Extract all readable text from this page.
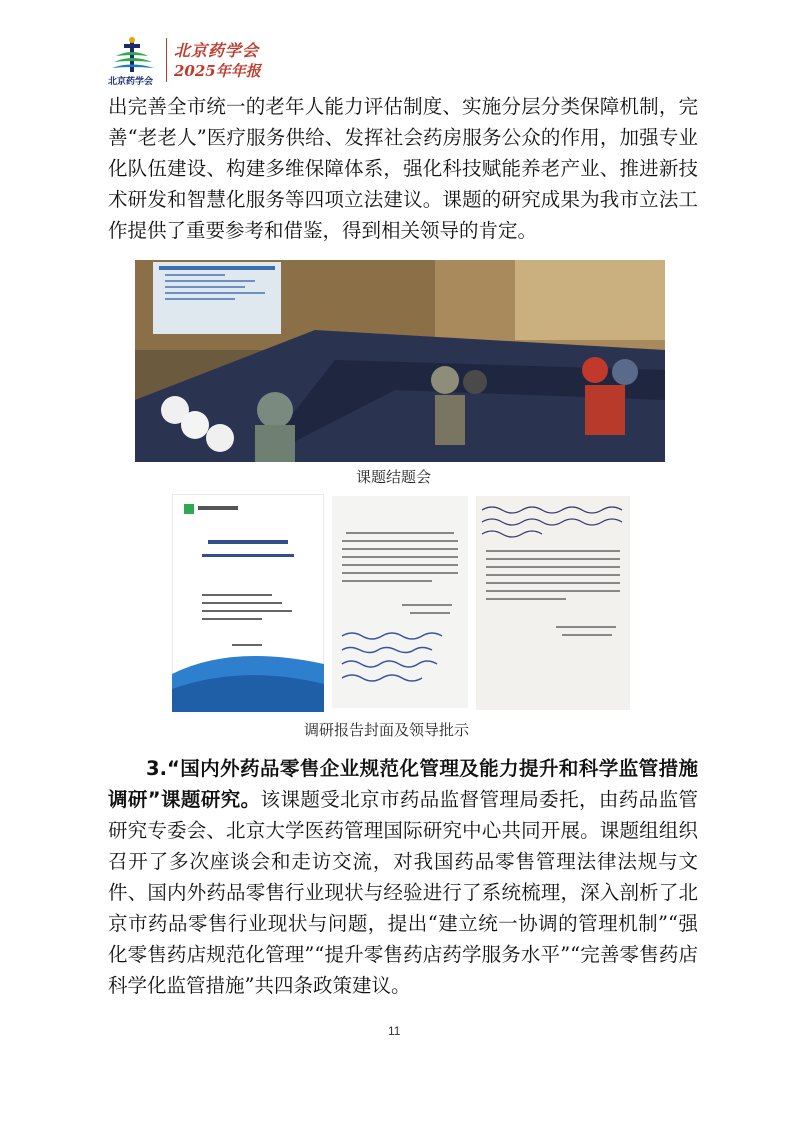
北京药学会
北京药学会
2025年年报

出完善全市统一的老年人能力评估制度、实施分层分类保障机制，完善“老老人”医疗服务供给、发挥社会药房服务公众的作用，加强专业化队伍建设、构建多维保障体系，强化科技赋能养老产业、推进新技术研发和智慧化服务等四项立法建议。课题的研究成果为我市立法工作提供了重要参考和借鉴，得到相关领导的肯定。

课题结题会
调研报告封面及领导批示

3.“国内外药品零售企业规范化管理及能力提升和科学监管措施调研”课题研究。该课题受北京市药品监督管理局委托，由药品监管研究专委会、北京大学医药管理国际研究中心共同开展。课题组组织召开了多次座谈会和走访交流，对我国药品零售管理法律法规与文件、国内外药品零售行业现状与经验进行了系统梳理，深入剖析了北京市药品零售行业现状与问题，提出“建立统一协调的管理机制”“强化零售药店规范化管理”“提升零售药店药学服务水平”“完善零售药店科学化监管措施”共四条政策建议。

11
